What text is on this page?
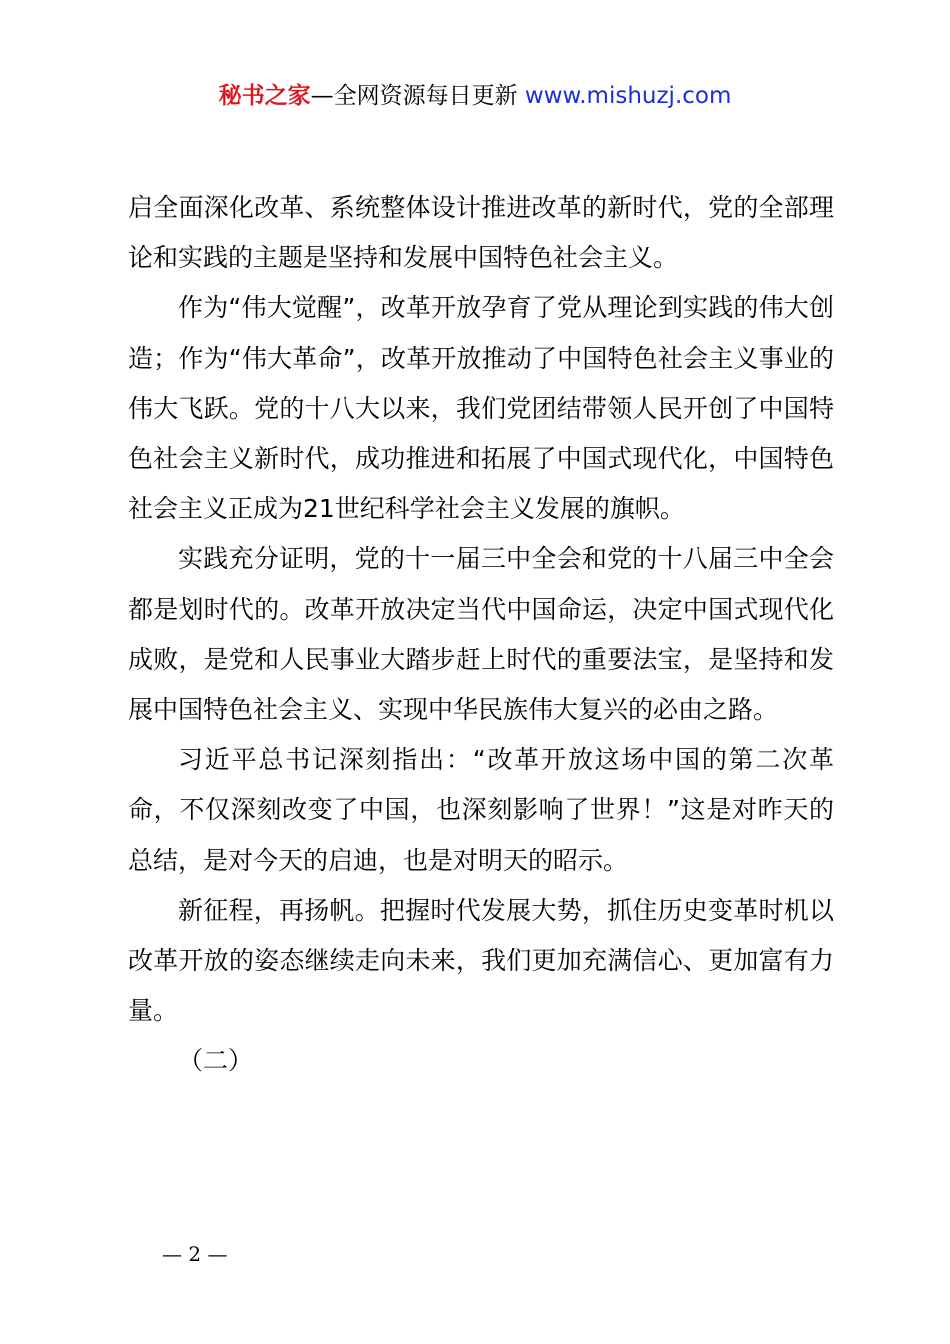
秘书之家—全网资源每日更新 www.mishuzj.com

启全面深化改革、系统整体设计推进改革的新时代，党的全部理论和实践的主题是坚持和发展中国特色社会主义。

作为“伟大觉醒”，改革开放孕育了党从理论到实践的伟大创造；作为“伟大革命”，改革开放推动了中国特色社会主义事业的伟大飞跃。党的十八大以来，我们党团结带领人民开创了中国特色社会主义新时代，成功推进和拓展了中国式现代化，中国特色社会主义正成为21世纪科学社会主义发展的旗帜。

实践充分证明，党的十一届三中全会和党的十八届三中全会都是划时代的。改革开放决定当代中国命运，决定中国式现代化成败，是党和人民事业大踏步赶上时代的重要法宝，是坚持和发展中国特色社会主义、实现中华民族伟大复兴的必由之路。

习近平总书记深刻指出：“改革开放这场中国的第二次革命，不仅深刻改变了中国，也深刻影响了世界！”这是对昨天的总结，是对今天的启迪，也是对明天的昭示。

新征程，再扬帆。把握时代发展大势，抓住历史变革时机以改革开放的姿态继续走向未来，我们更加充满信心、更加富有力量。

（二）

— 2 —
